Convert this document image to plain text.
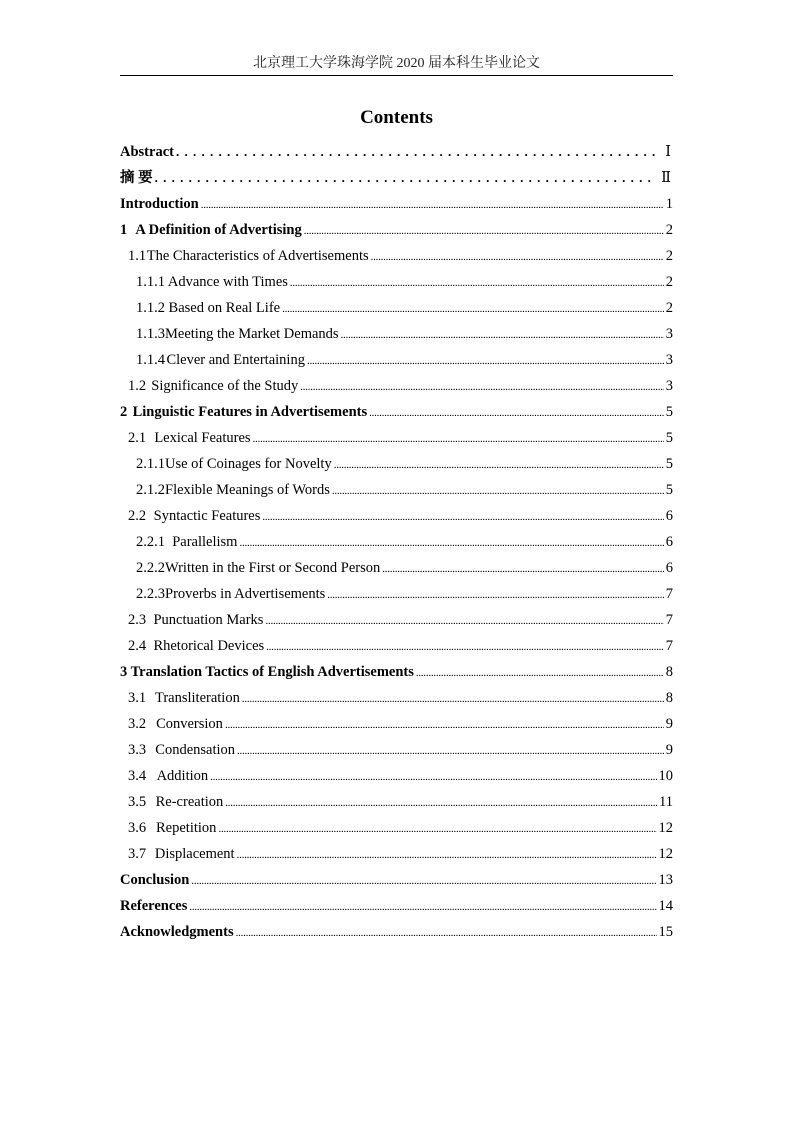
北京理工大学珠海学院 2020 届本科生毕业论文
Contents
Abstract . . .	Ⅰ
摘 要 . . .	Ⅱ
Introduction . . .	1
1 A Definition of Advertising . . .	2
1.1 The Characteristics of Advertisements . . .	2
1.1.1 Advance with Times . . .	2
1.1.2 Based on Real Life . . .	2
1.1.3 Meeting the Market Demands . . .	3
1.1.4 Clever and Entertaining . . .	3
1.2 Significance of the Study . . .	3
2 Linguistic Features in Advertisements . . .	5
2.1 Lexical Features . . .	5
2.1.1 Use of Coinages for Novelty . . .	5
2.1.2 Flexible Meanings of Words . . .	5
2.2 Syntactic Features . . .	6
2.2.1 Parallelism . . .	6
2.2.2 Written in the First or Second Person . . .	6
2.2.3 Proverbs in Advertisements . . .	7
2.3 Punctuation Marks . . .	7
2.4 Rhetorical Devices . . .	7
3 Translation Tactics of English Advertisements . . .	8
3.1 Transliteration . . .	8
3.2 Conversion . . .	9
3.3 Condensation . . .	9
3.4 Addition . . .	10
3.5 Re-creation . . .	11
3.6 Repetition . . .	12
3.7 Displacement . . .	12
Conclusion . . .	13
References . . .	14
Acknowledgments . . .	15
